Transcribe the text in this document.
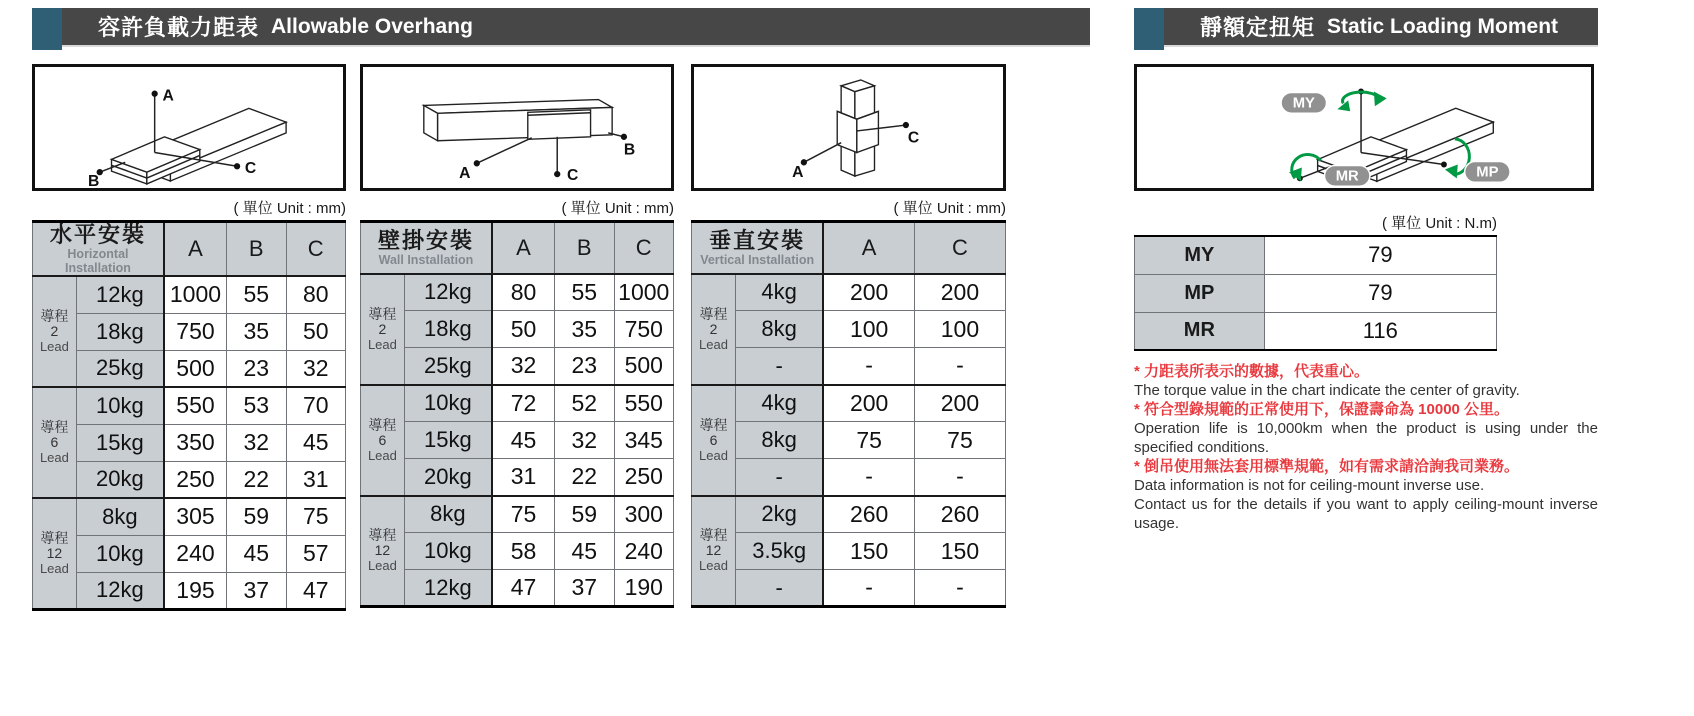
容許負載力距表 Allowable Overhang	靜額定扭矩 Static Loading Moment
A
C
B	A
B
C	A
C
MY
MP
MR
( 單位 Unit : mm)	( 單位 Unit : mm)	( 單位 Unit : mm)
( 單位 Unit : N.m)
水平安裝
Horizontal Installation		A	B	C

導程
2
Lead	12kg	1000	55	80
	18kg	750	35	50
	25kg	500	23	32

導程
6
Lead	10kg	550	53	70
	15kg	350	32	45
	20kg	250	22	31

導程
12
Lead	8kg	305	59	75
	10kg	240	45	57
	12kg	195	37	47
壁掛安裝
Wall Installation		A	B	C

導程
2
Lead	12kg	80	55	1000
	18kg	50	35	750
	25kg	32	23	500

導程
6
Lead	10kg	72	52	550
	15kg	45	32	345
	20kg	31	22	250

導程
12
Lead	8kg	75	59	300
	10kg	58	45	240
	12kg	47	37	190
垂直安裝
Vertical Installation		A	C

導程
2
Lead	4kg	200	200
	8kg	100	100
	-	-	-

導程
6
Lead	4kg	200	200
	8kg	75	75
	-	-	-

導程
12
Lead	2kg	260	260
	3.5kg	150	150
	-	-	-
MY	79
MP	79
MR	116

* 力距表所表示的數據，代表重心。

The torque value in the chart indicate the center of gravity.

* 符合型錄規範的正常使用下，保證壽命為 10000 公里。

Operation life is 10,000km when the product is using under the specified conditions.

* 倒吊使用無法套用標準規範，如有需求請洽詢我司業務。

Data information is not for ceiling-mount inverse use.

Contact us for the details if you want to apply ceiling-mount inverse usage.
